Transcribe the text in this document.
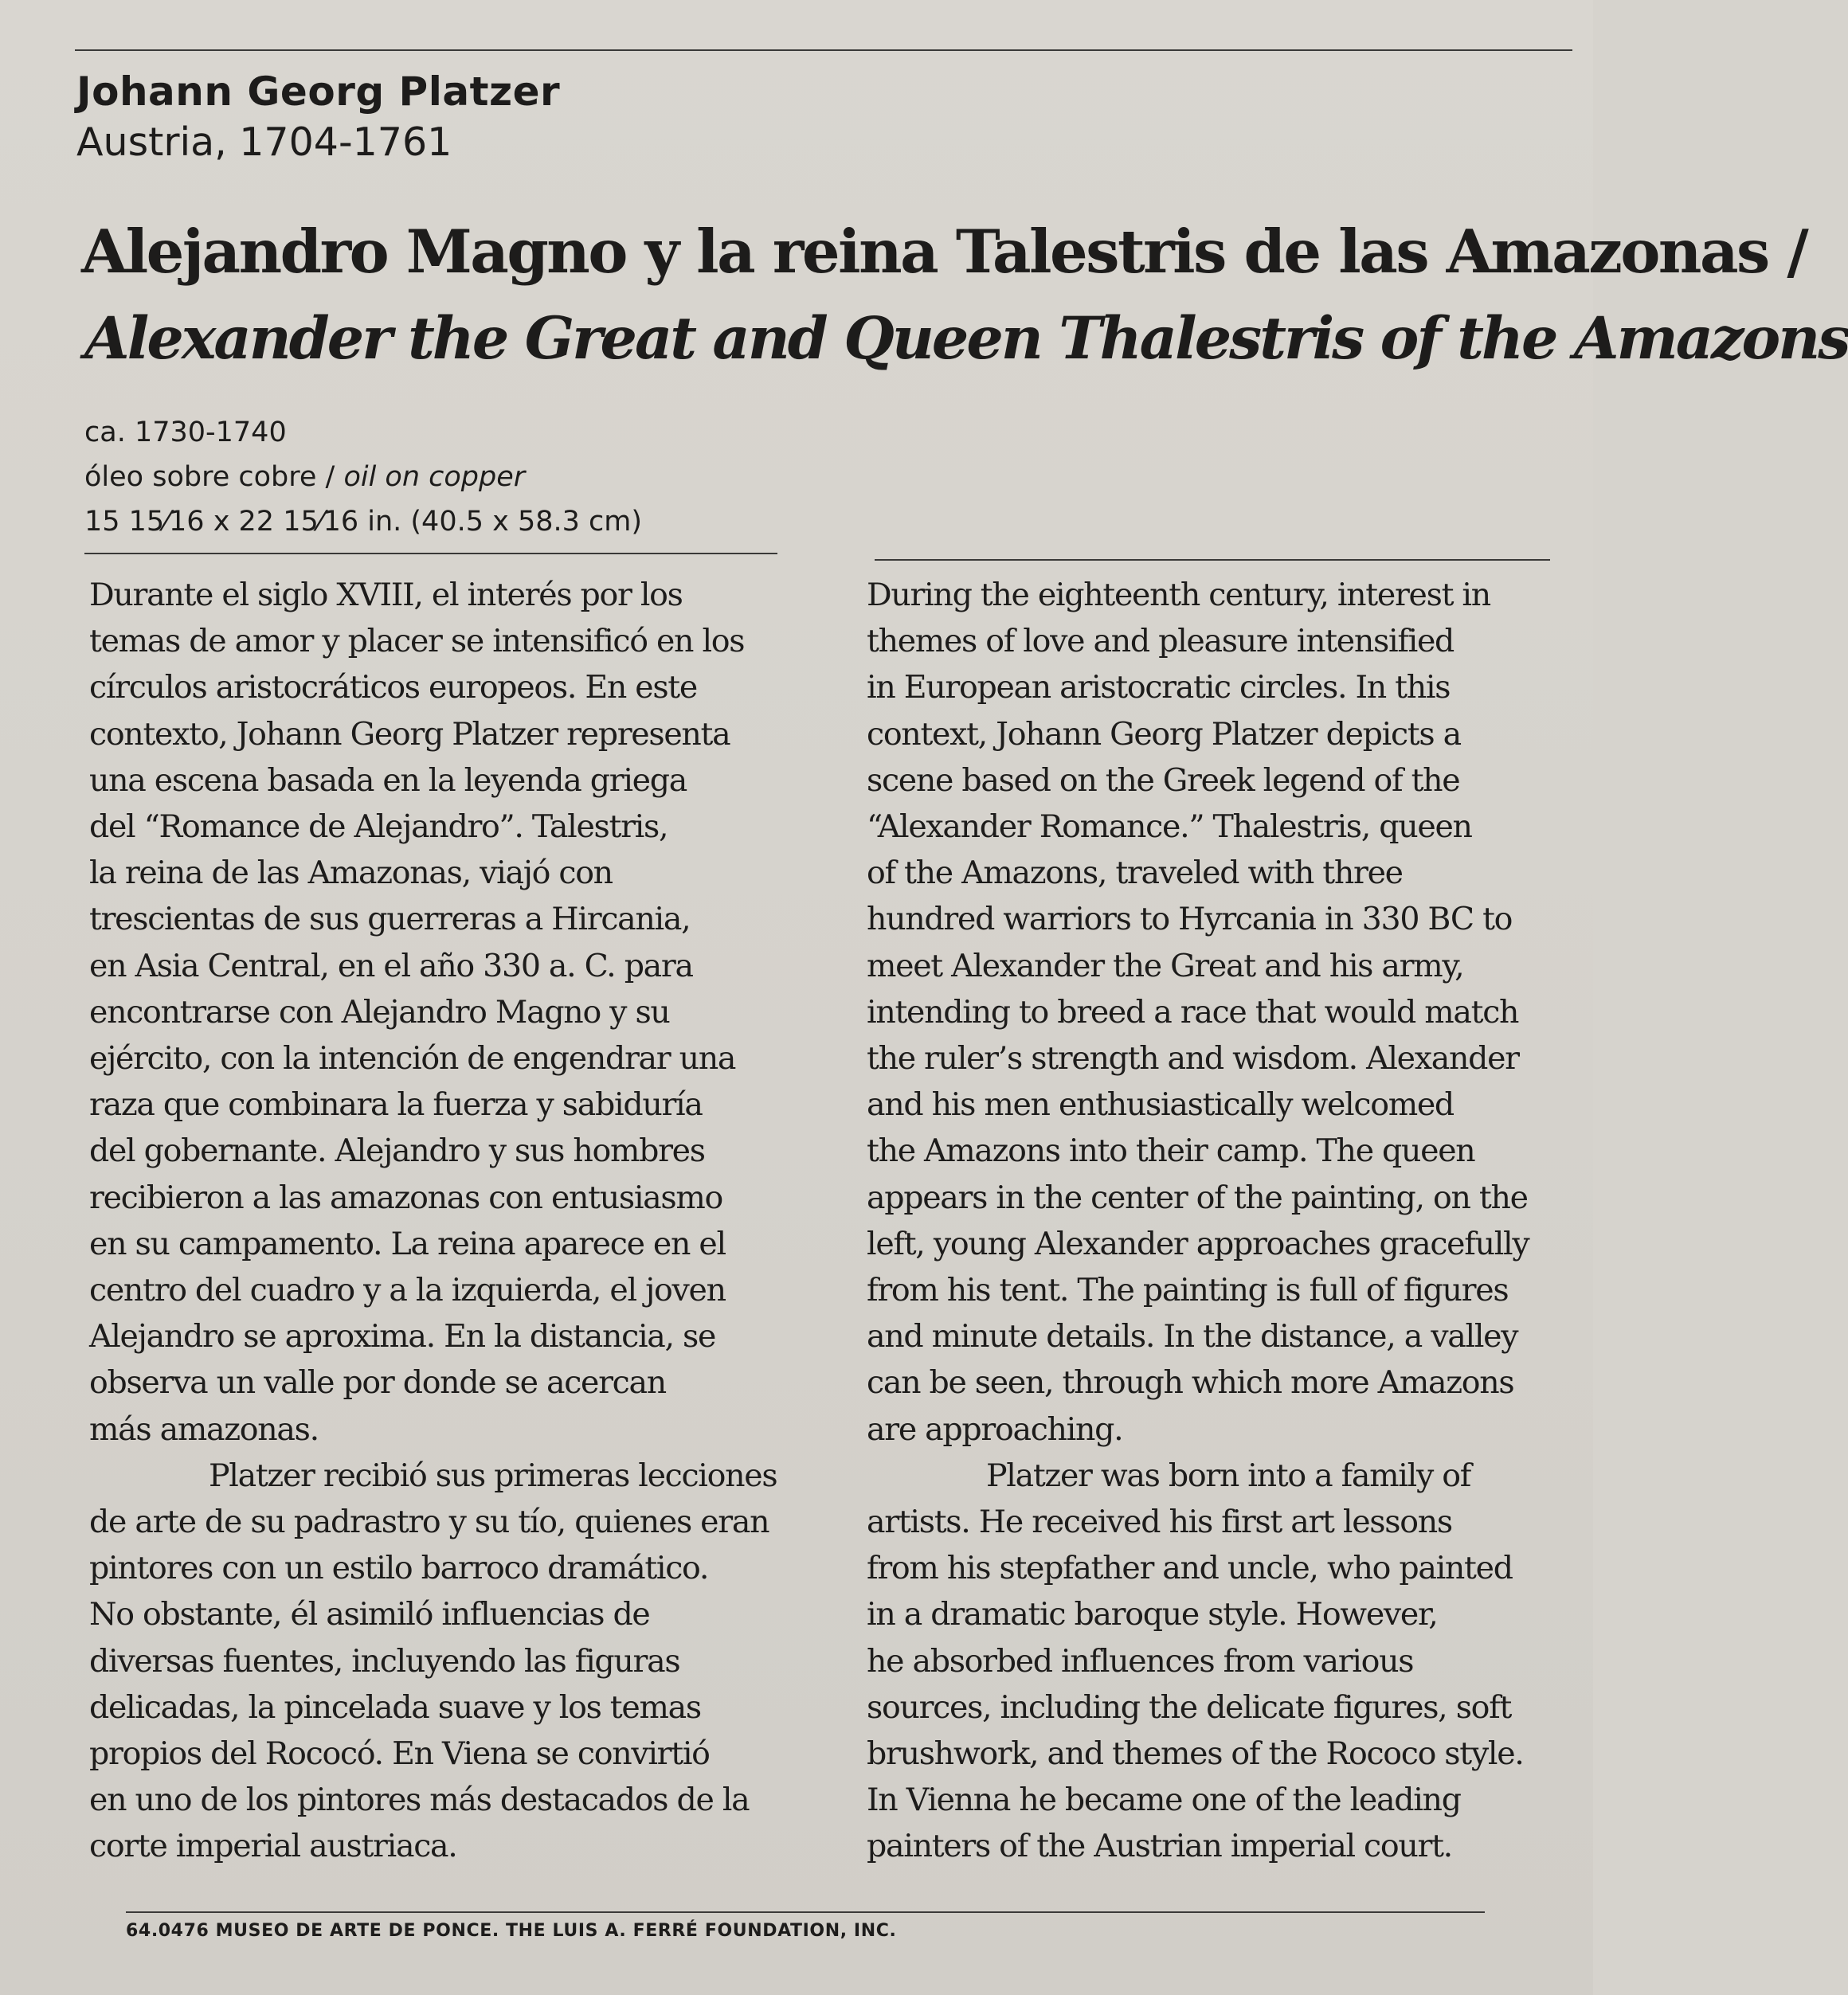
Johann Georg Platzer
Austria, 1704-1761
Alejandro Magno y la reina Talestris de las Amazonas /
Alexander the Great and Queen Thalestris of the Amazons
ca. 1730-1740
óleo sobre cobre / oil on copper
15 15⁄16 x 22 15⁄16 in. (40.5 x 58.3 cm)

Durante el siglo XVIII, el interés por los
temas de amor y placer se intensificó en los
círculos aristocráticos europeos. En este
contexto, Johann Georg Platzer representa
una escena basada en la leyenda griega
del “Romance de Alejandro”. Talestris,
la reina de las Amazonas, viajó con
trescientas de sus guerreras a Hircania,
en Asia Central, en el año 330 a. C. para
encontrarse con Alejandro Magno y su
ejército, con la intención de engendrar una
raza que combinara la fuerza y sabiduría
del gobernante. Alejandro y sus hombres
recibieron a las amazonas con entusiasmo
en su campamento. La reina aparece en el
centro del cuadro y a la izquierda, el joven
Alejandro se aproxima. En la distancia, se
observa un valle por donde se acercan
más amazonas.

Platzer recibió sus primeras lecciones
de arte de su padrastro y su tío, quienes eran
pintores con un estilo barroco dramático.
No obstante, él asimiló influencias de
diversas fuentes, incluyendo las figuras
delicadas, la pincelada suave y los temas
propios del Rococó. En Viena se convirtió
en uno de los pintores más destacados de la
corte imperial austriaca.

During the eighteenth century, interest in
themes of love and pleasure intensified
in European aristocratic circles. In this
context, Johann Georg Platzer depicts a
scene based on the Greek legend of the
“Alexander Romance.” Thalestris, queen
of the Amazons, traveled with three
hundred warriors to Hyrcania in 330 BC to
meet Alexander the Great and his army,
intending to breed a race that would match
the ruler’s strength and wisdom. Alexander
and his men enthusiastically welcomed
the Amazons into their camp. The queen
appears in the center of the painting, on the
left, young Alexander approaches gracefully
from his tent. The painting is full of figures
and minute details. In the distance, a valley
can be seen, through which more Amazons
are approaching.

Platzer was born into a family of
artists. He received his first art lessons
from his stepfather and uncle, who painted
in a dramatic baroque style. However,
he absorbed influences from various
sources, including the delicate figures, soft
brushwork, and themes of the Rococo style.
In Vienna he became one of the leading
painters of the Austrian imperial court.

64.0476 MUSEO DE ARTE DE PONCE. THE LUIS A. FERRÉ FOUNDATION, INC.
